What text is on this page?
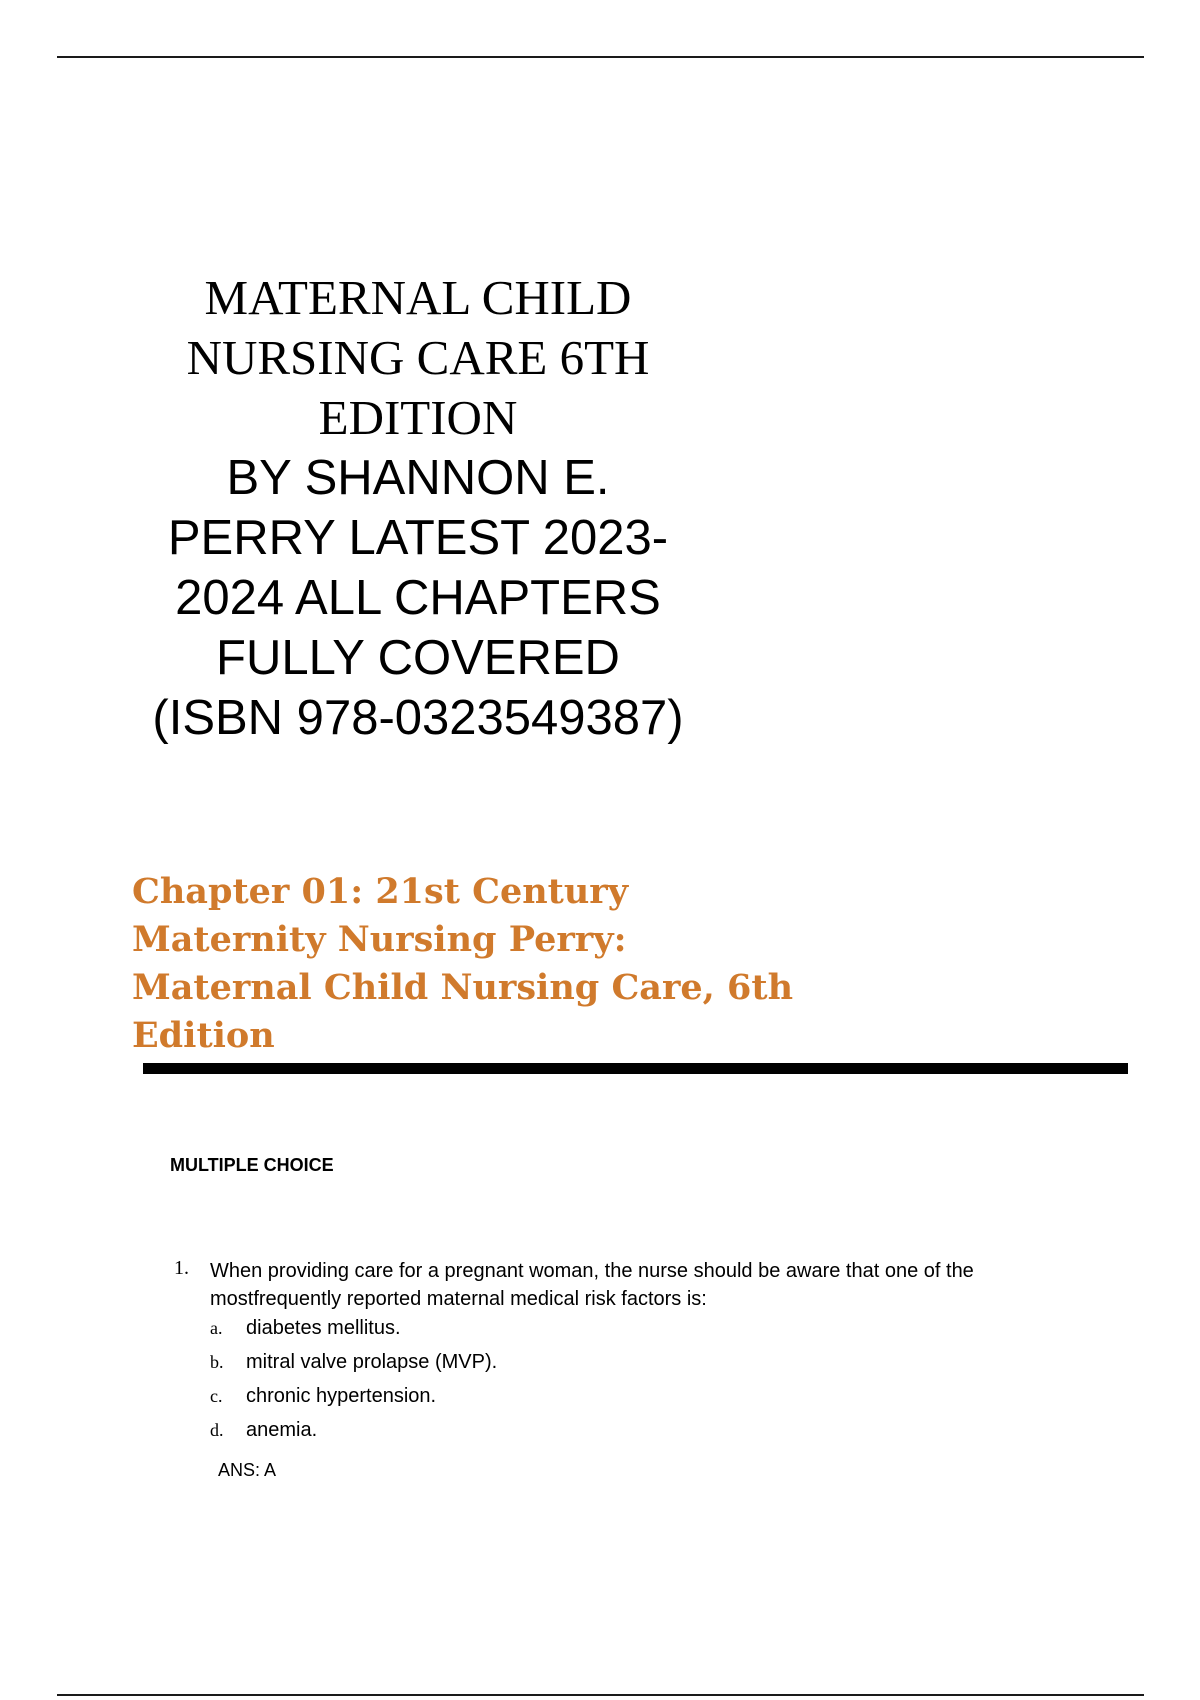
MATERNAL CHILD

NURSING CARE 6TH

EDITION

BY SHANNON E.

PERRY LATEST 2023-

2024 ALL CHAPTERS

FULLY COVERED

(ISBN 978-0323549387)

Chapter 01: 21st Century
Maternity Nursing Perry:
Maternal Child Nursing Care, 6th
Edition
MULTIPLE CHOICE
1. When providing care for a pregnant woman, the nurse should be aware that one of the
mostfrequently reported maternal medical risk factors is:
a. diabetes mellitus.
b. mitral valve prolapse (MVP).
c. chronic hypertension.
d. anemia.
ANS: A
